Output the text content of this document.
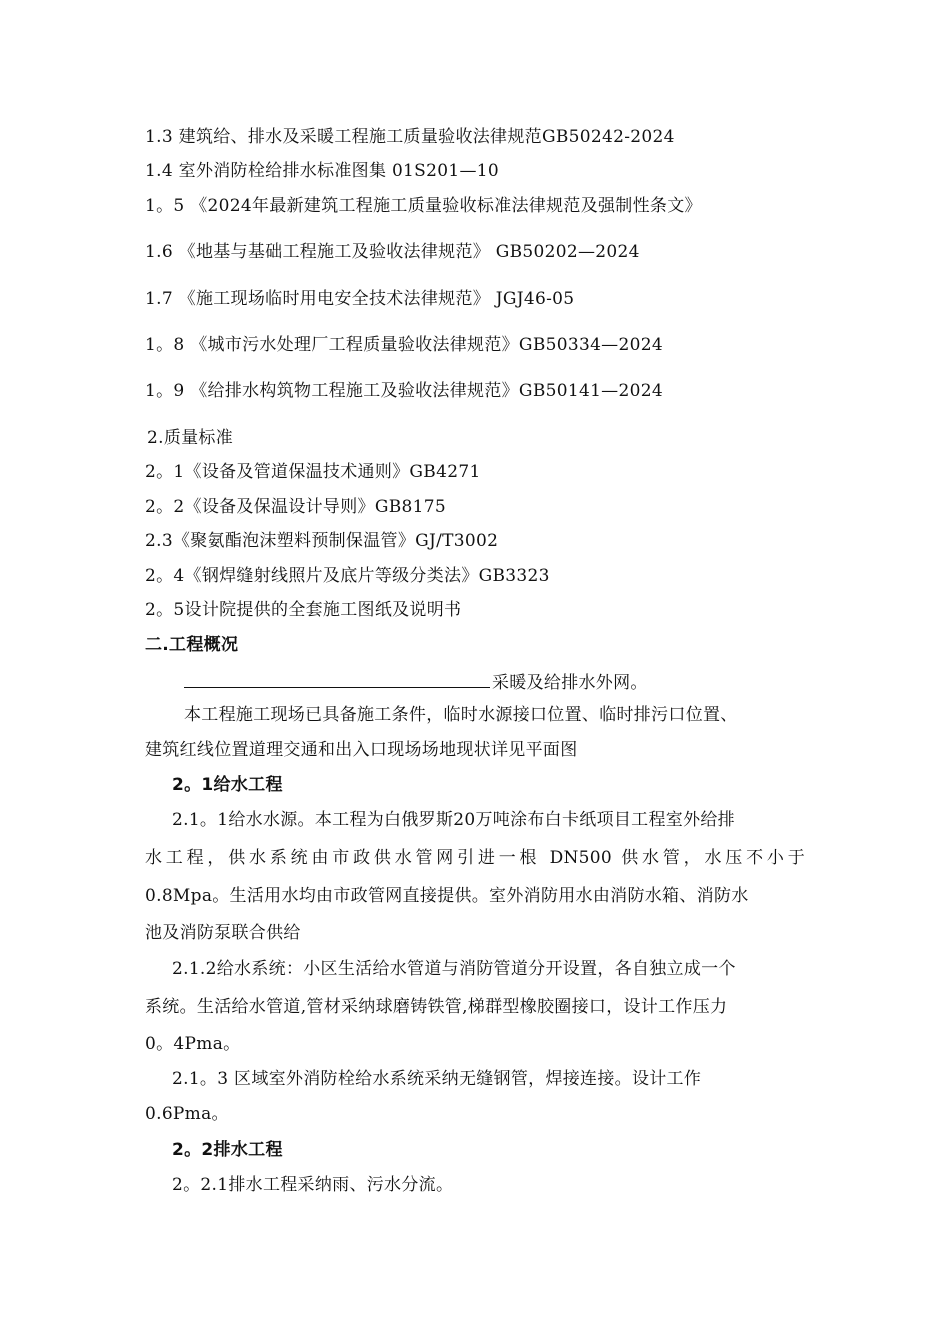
1.3 建筑给、排水及采暖工程施工质量验收法律规范GB50242-2024
1.4 室外消防栓给排水标准图集 01S201—10
1。5 《2024年最新建筑工程施工质量验收标准法律规范及强制性条文》
1.6 《地基与基础工程施工及验收法律规范》 GB50202—2024
1.7 《施工现场临时用电安全技术法律规范》 JGJ46-05
1。8 《城市污水处理厂工程质量验收法律规范》GB50334—2024
1。9 《给排水构筑物工程施工及验收法律规范》GB50141—2024
2.质量标准
2。1《设备及管道保温技术通则》GB4271
2。2《设备及保温设计导则》GB8175
2.3《聚氨酯泡沫塑料预制保温管》GJ/T3002
2。4《钢焊缝射线照片及底片等级分类法》GB3323
2。5设计院提供的全套施工图纸及说明书
二.工程概况
采暖及给排水外网。
本工程施工现场已具备施工条件，临时水源接口位置、临时排污口位置、
建筑红线位置道理交通和出入口现场场地现状详见平面图
2。1给水工程
2.1。1给水水源。本工程为白俄罗斯20万吨涂布白卡纸项目工程室外给排
水工程，供水系统由市政供水管网引进一根 DN500 供水管，水压不小于
0.8Mpa。生活用水均由市政管网直接提供。室外消防用水由消防水箱、消防水
池及消防泵联合供给
2.1.2给水系统：小区生活给水管道与消防管道分开设置，各自独立成一个
系统。生活给水管道,管材采纳球磨铸铁管,梯群型橡胶圈接口，设计工作压力
0。4Pma。
2.1。3 区域室外消防栓给水系统采纳无缝钢管，焊接连接。设计工作
0.6Pma。
2。2排水工程
2。2.1排水工程采纳雨、污水分流。
